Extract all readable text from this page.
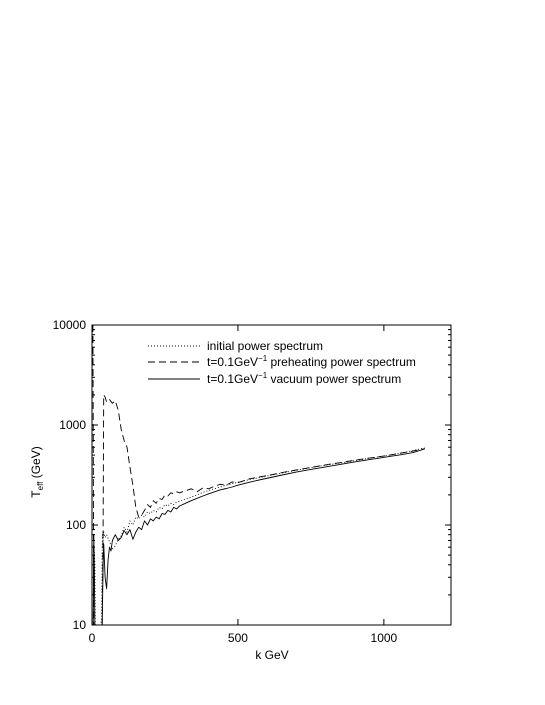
0	500	1000
10
100
1000
10000
k GeV
$T_{eff}$ (GeV)
initial power spectrum
t=0.1GeV$^{-1}$ preheating power spectrum
t=0.1GeV$^{-1}$ vacuum power spectrum
